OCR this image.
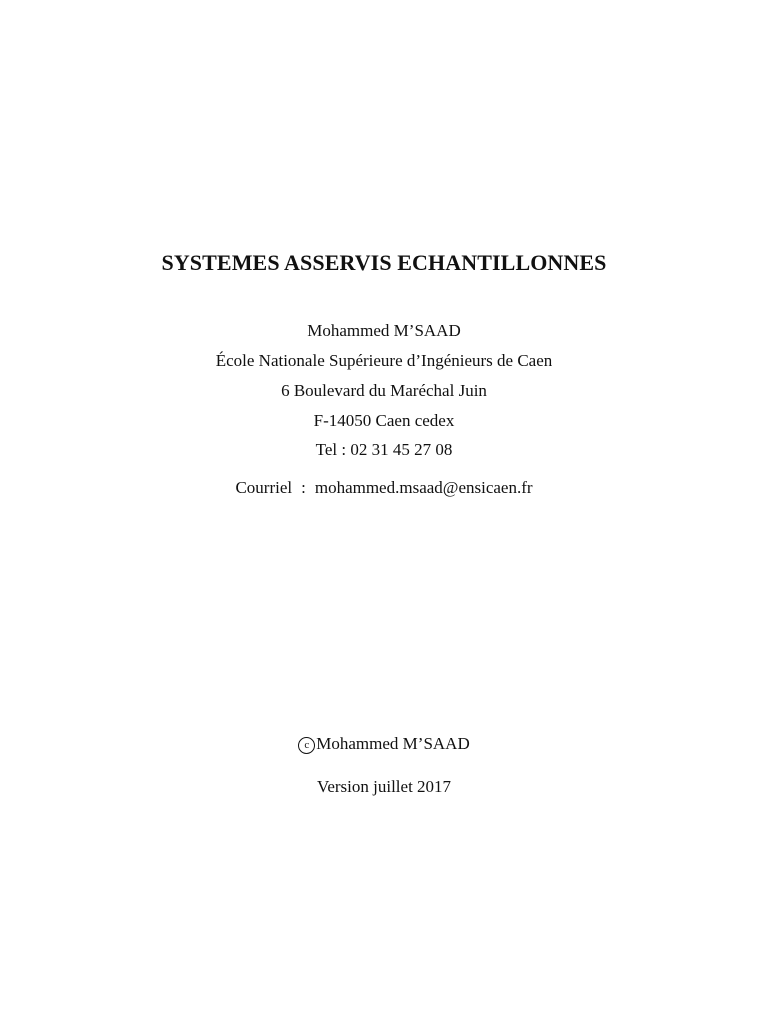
SYSTEMES ASSERVIS ECHANTILLONNES
Mohammed M’SAAD
École Nationale Supérieure d’Ingénieurs de Caen
6 Boulevard du Maréchal Juin
F-14050 Caen cedex
Tel : 02 31 45 27 08
Courriel : mohammed.msaad@ensicaen.fr
c Mohammed M’SAAD
Version juillet 2017
